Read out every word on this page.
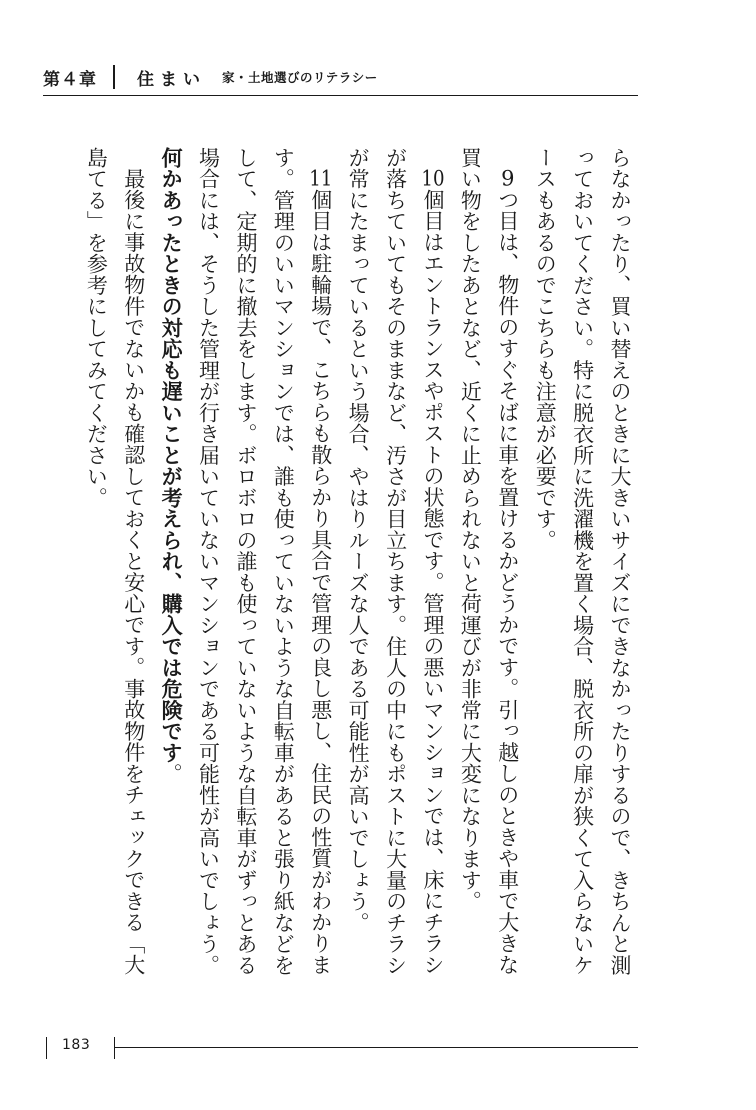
第４章 住まい 家・土地選びのリテラシー

らなかったり、買い替えのときに大きいサイズにできなかったりするので、きちんと測っておいてください。特に脱衣所に洗濯機を置く場合、脱衣所の扉が狭くて入らないケースもあるのでこちらも注意が必要です。

9つ目は、物件のすぐそばに車を置けるかどうかです。引っ越しのときや車で大きな買い物をしたあとなど、近くに止められないと荷運びが非常に大変になります。

10個目はエントランスやポストの状態です。管理の悪いマンションでは、床にチラシが落ちていてもそのままなど、汚さが目立ちます。住人の中にもポストに大量のチラシが常にたまっているという場合、やはりルーズな人である可能性が高いでしょう。

11個目は駐輪場で、こちらも散らかり具合で管理の良し悪し、住民の性質がわかります。管理のいいマンションでは、誰も使っていないような自転車があると張り紙などをして、定期的に撤去をします。ボロボロの誰も使っていないような自転車がずっとある場合には、そうした管理が行き届いていないマンションである可能性が高いでしょう。何かあったときの対応も遅いことが考えられ、購入では危険です。

最後に事故物件でないかも確認しておくと安心です。事故物件をチェックできる「大島てる」を参考にしてみてください。

183
